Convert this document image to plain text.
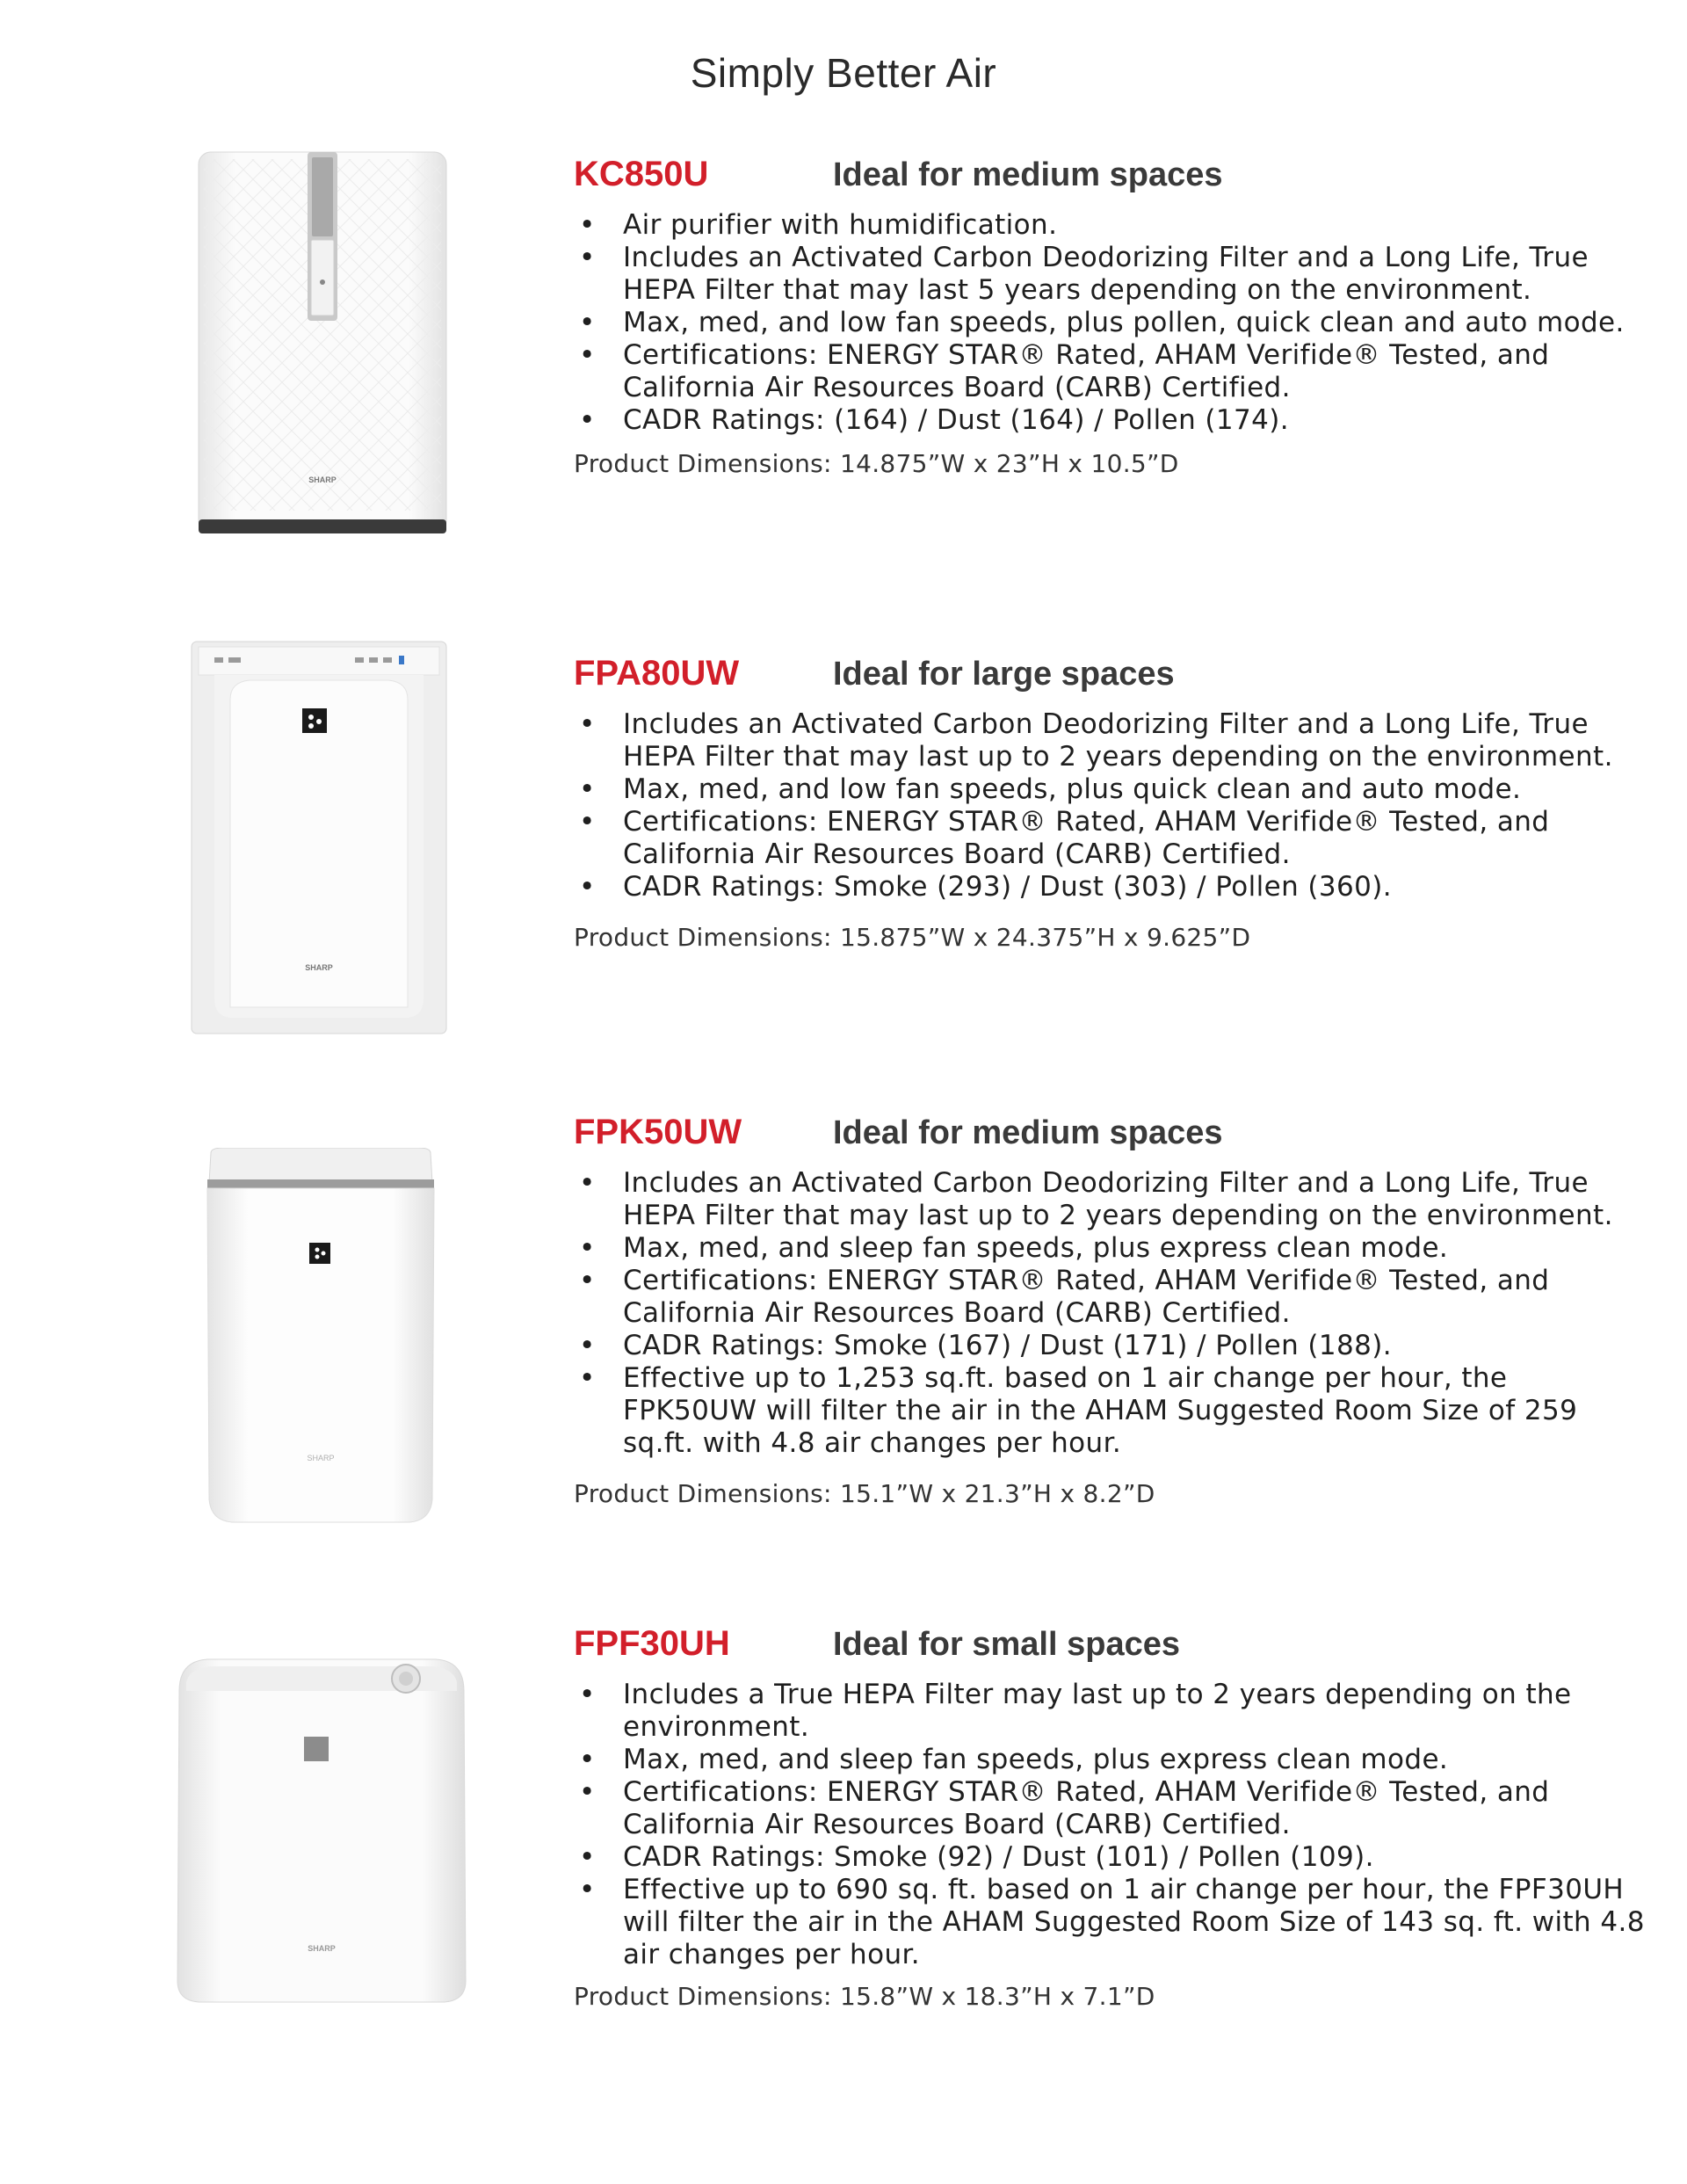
Simply Better Air
SHARP
KC850U	Ideal for medium spaces
• Air purifier with humidification.
• Includes an Activated Carbon Deodorizing Filter and a Long Life, True HEPA Filter that may last 5 years depending on the environment.
• Max, med, and low fan speeds, plus pollen, quick clean and auto mode.
• Certifications: ENERGY STAR® Rated, AHAM Verifide® Tested, and California Air Resources Board (CARB) Certified.
• CADR Ratings: (164) / Dust (164) / Pollen (174).
Product Dimensions: 14.875”W x 23”H x 10.5”D
SHARP
FPA80UW	Ideal for large spaces
• Includes an Activated Carbon Deodorizing Filter and a Long Life, True HEPA Filter that may last up to 2 years depending on the environment.
• Max, med, and low fan speeds, plus quick clean and auto mode.
• Certifications: ENERGY STAR® Rated, AHAM Verifide® Tested, and California Air Resources Board (CARB) Certified.
• CADR Ratings: Smoke (293) / Dust (303) / Pollen (360).
Product Dimensions: 15.875”W x 24.375”H x 9.625”D
SHARP
FPK50UW	Ideal for medium spaces
• Includes an Activated Carbon Deodorizing Filter and a Long Life, True HEPA Filter that may last up to 2 years depending on the environment.
• Max, med, and sleep fan speeds, plus express clean mode.
• Certifications: ENERGY STAR® Rated, AHAM Verifide® Tested, and California Air Resources Board (CARB) Certified.
• CADR Ratings: Smoke (167) / Dust (171) / Pollen (188).
• Effective up to 1,253 sq.ft. based on 1 air change per hour, the FPK50UW will filter the air in the AHAM Suggested Room Size of 259 sq.ft. with 4.8 air changes per hour.
Product Dimensions: 15.1”W x 21.3”H x 8.2”D
SHARP
FPF30UH	Ideal for small spaces
• Includes a True HEPA Filter may last up to 2 years depending on the environment.
• Max, med, and sleep fan speeds, plus express clean mode.
• Certifications: ENERGY STAR® Rated, AHAM Verifide® Tested, and California Air Resources Board (CARB) Certified.
• CADR Ratings: Smoke (92) / Dust (101) / Pollen (109).
• Effective up to 690 sq. ft. based on 1 air change per hour, the FPF30UH will filter the air in the AHAM Suggested Room Size of 143 sq. ft. with 4.8 air changes per hour.
Product Dimensions: 15.8”W x 18.3”H x 7.1”D
